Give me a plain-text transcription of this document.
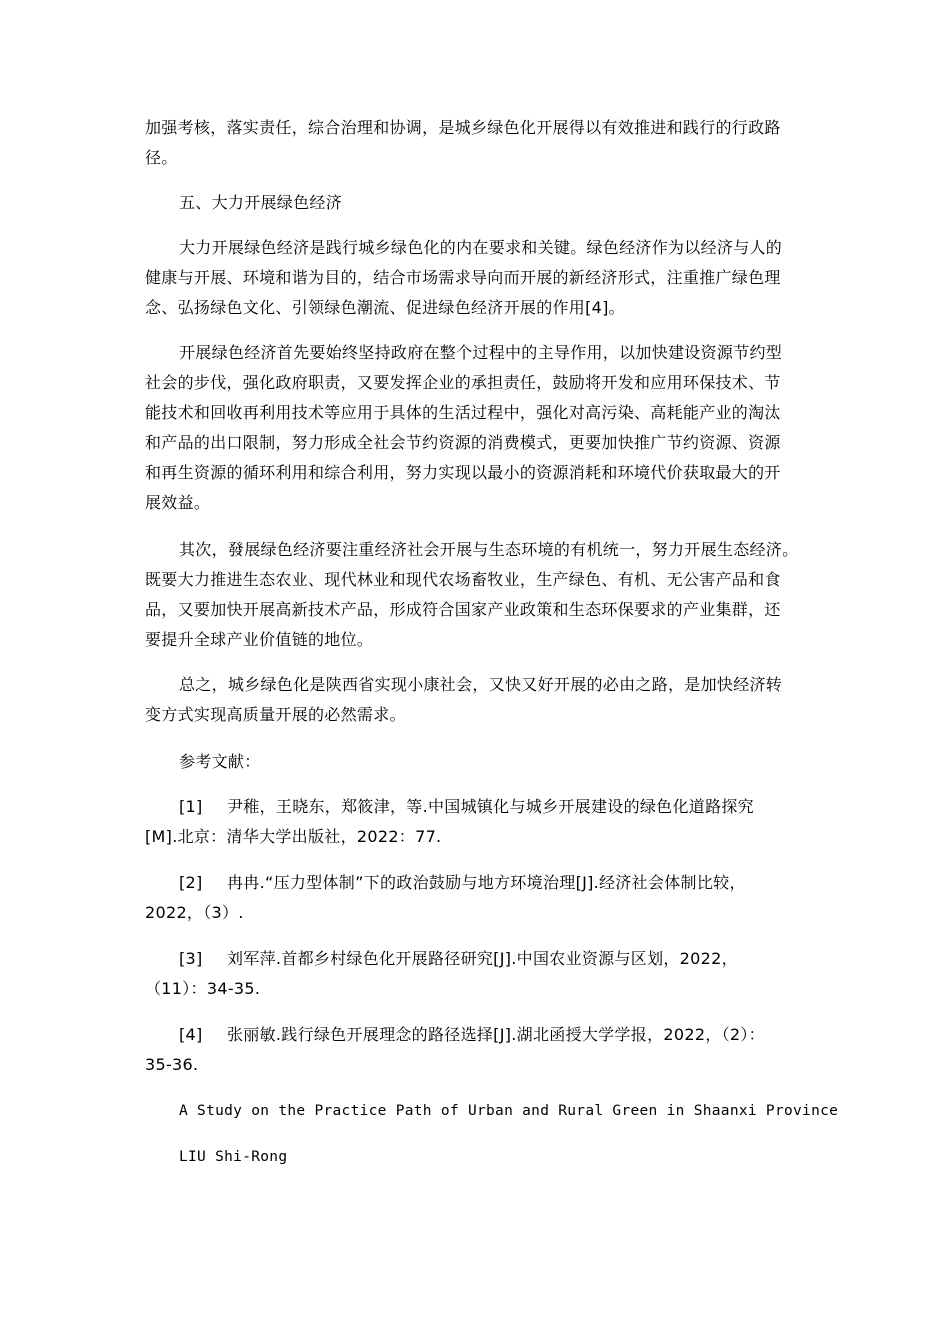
加强考核，落实责任，综合治理和协调，是城乡绿色化开展得以有效推进和践行的行政路
径。
五、大力开展绿色经济
大力开展绿色经济是践行城乡绿色化的内在要求和关键。绿色经济作为以经济与人的
健康与开展、环境和谐为目的，结合市场需求导向而开展的新经济形式，注重推广绿色理
念、弘扬绿色文化、引领绿色潮流、促进绿色经济开展的作用[4]。
开展绿色经济首先要始终坚持政府在整个过程中的主导作用，以加快建设资源节约型
社会的步伐，强化政府职责，又要发挥企业的承担责任，鼓励将开发和应用环保技术、节
能技术和回收再利用技术等应用于具体的生活过程中，强化对高污染、高耗能产业的淘汰
和产品的出口限制，努力形成全社会节约资源的消费模式，更要加快推广节约资源、资源
和再生资源的循环利用和综合利用，努力实现以最小的资源消耗和环境代价获取最大的开
展效益。
其次，發展绿色经济要注重经济社会开展与生态环境的有机统一，努力开展生态经济。
既要大力推进生态农业、现代林业和现代农场畜牧业，生产绿色、有机、无公害产品和食
品，又要加快开展高新技术产品，形成符合国家产业政策和生态环保要求的产业集群，还
要提升全球产业价值链的地位。
总之，城乡绿色化是陕西省实现小康社会，又快又好开展的必由之路，是加快经济转
变方式实现高质量开展的必然需求。
参考文献：
[1] 尹稚，王晓东，郑筱津，等.中国城镇化与城乡开展建设的绿色化道路探究
[M].北京：清华大学出版社，2022：77.
[2] 冉冉.“压力型体制”下的政治鼓励与地方环境治理[J].经济社会体制比较，
2022，（3）.
[3] 刘军萍.首都乡村绿色化开展路径研究[J].中国农业资源与区划，2022，
（11）：34-35.
[4] 张丽敏.践行绿色开展理念的路径选择[J].湖北函授大学学报，2022，（2）：
35-36.
A Study on the Practice Path of Urban and Rural Green in Shaanxi Province
LIU Shi-Rong
